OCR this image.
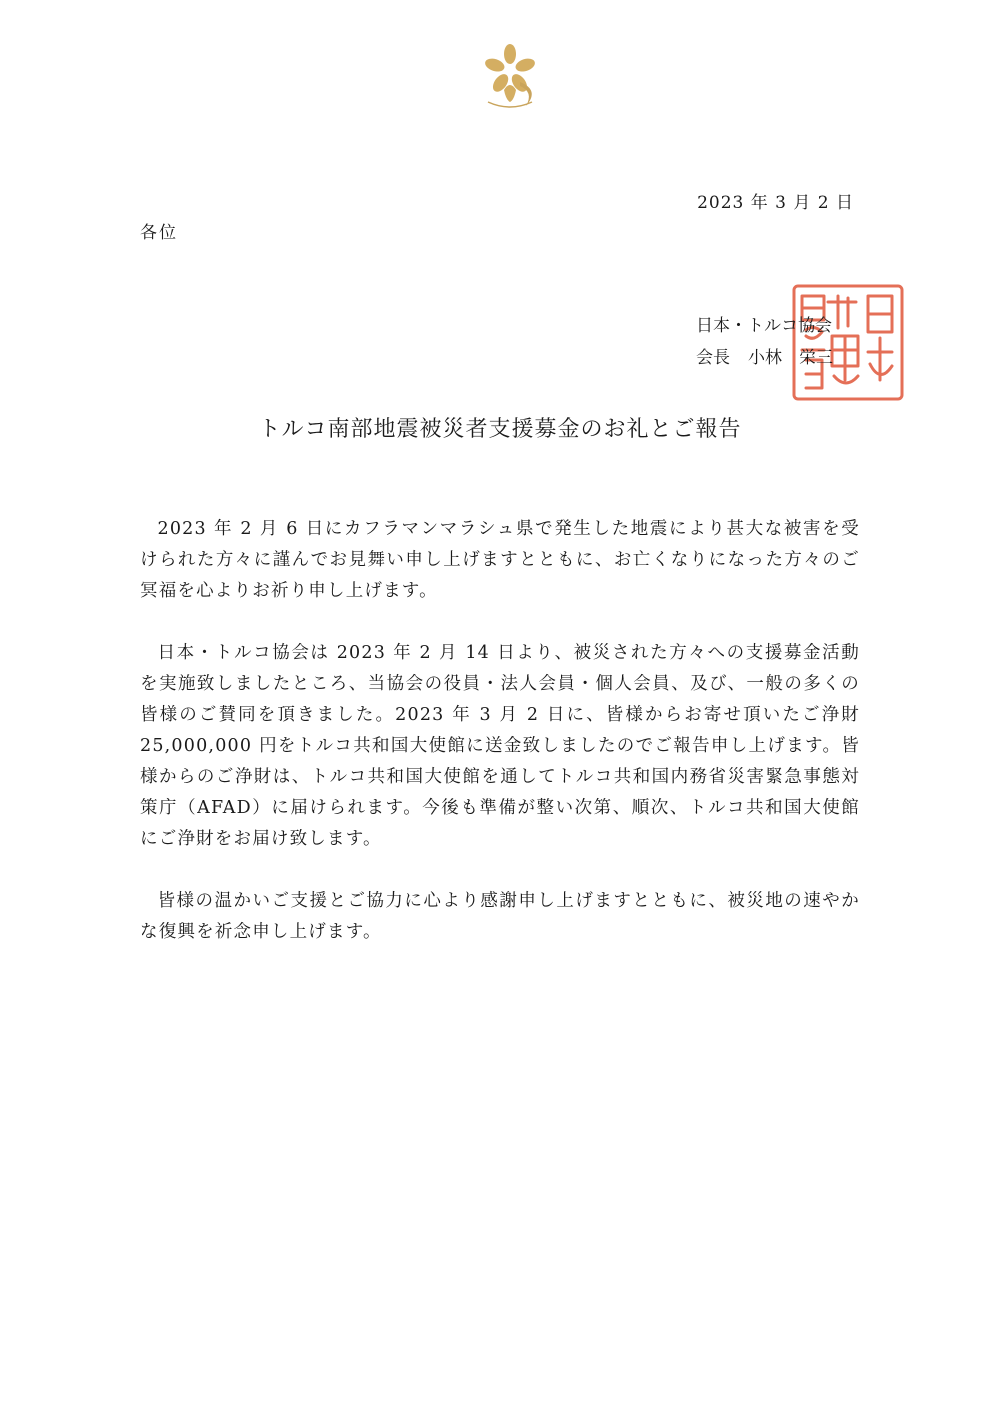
2023 年 3 月 2 日
各位
日本・トルコ協会
会長 小林　栄三
トルコ南部地震被災者支援募金のお礼とご報告

2023 年 2 月 6 日にカフラマンマラシュ県で発生した地震により甚大な被害を受けられた方々に謹んでお見舞い申し上げますとともに、お亡くなりになった方々のご冥福を心よりお祈り申し上げます。

日本・トルコ協会は 2023 年 2 月 14 日より、被災された方々への支援募金活動を実施致しましたところ、当協会の役員・法人会員・個人会員、及び、一般の多くの皆様のご賛同を頂きました。2023 年 3 月 2 日に、皆様からお寄せ頂いたご浄財 25,000,000 円をトルコ共和国大使館に送金致しましたのでご報告申し上げます。皆様からのご浄財は、トルコ共和国大使館を通してトルコ共和国内務省災害緊急事態対策庁（AFAD）に届けられます。今後も準備が整い次第、順次、トルコ共和国大使館にご浄財をお届け致します。

皆様の温かいご支援とご協力に心より感謝申し上げますとともに、被災地の速やかな復興を祈念申し上げます。
